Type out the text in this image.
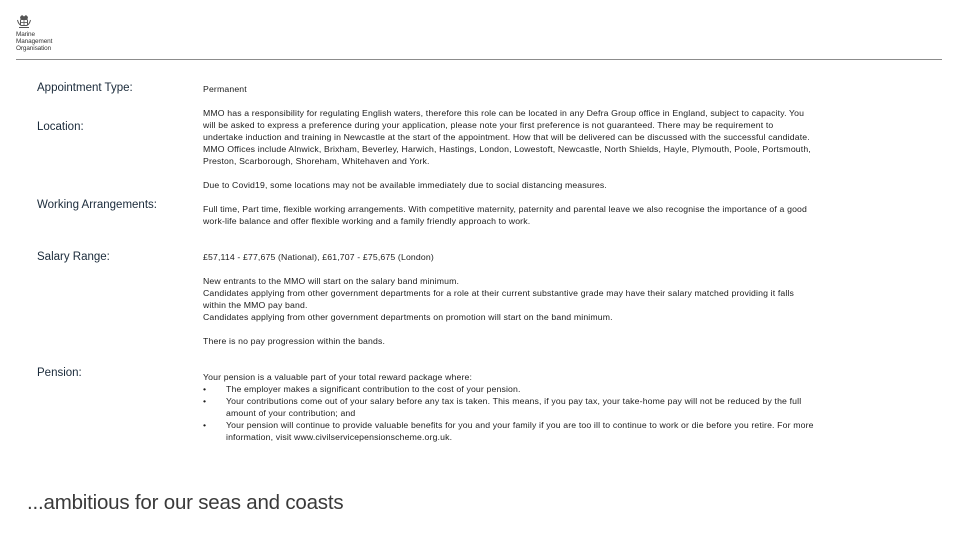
Marine
Management
Organisation
Appointment Type:	Permanent

Location:

MMO has a responsibility for regulating English waters, therefore this role can be located in any Defra Group office in England, subject to capacity. You will be asked to express a preference during your application, please note your first preference is not guaranteed. There may be requirement to undertake induction and training in Newcastle at the start of the appointment. How that will be delivered can be discussed with the successful candidate. MMO Offices include Alnwick, Brixham, Beverley, Harwich, Hastings, London, Lowestoft, Newcastle, North Shields, Hayle, Plymouth, Poole, Portsmouth, Preston, Scarborough, Shoreham, Whitehaven and York.

Due to Covid19, some locations may not be available immediately due to social distancing measures.

Working Arrangements:	Full time, Part time, flexible working arrangements. With competitive maternity, paternity and parental leave we also recognise the importance of a good work-life balance and offer flexible working and a family friendly approach to work.

Salary Range:	£57,114 - £77,675 (National), £61,707 - £75,675 (London)

New entrants to the MMO will start on the salary band minimum.

Candidates applying from other government departments for a role at their current substantive grade may have their salary matched providing it falls within the MMO pay band.

Candidates applying from other government departments on promotion will start on the band minimum.

There is no pay progression within the bands.

Pension:	Your pension is a valuable part of your total reward package where:

• The employer makes a significant contribution to the cost of your pension.

• Your contributions come out of your salary before any tax is taken. This means, if you pay tax, your take-home pay will not be reduced by the full amount of your contribution; and

• Your pension will continue to provide valuable benefits for you and your family if you are too ill to continue to work or die before you retire. For more information, visit www.civilservicepensionscheme.org.uk.

...ambitious for our seas and coasts
